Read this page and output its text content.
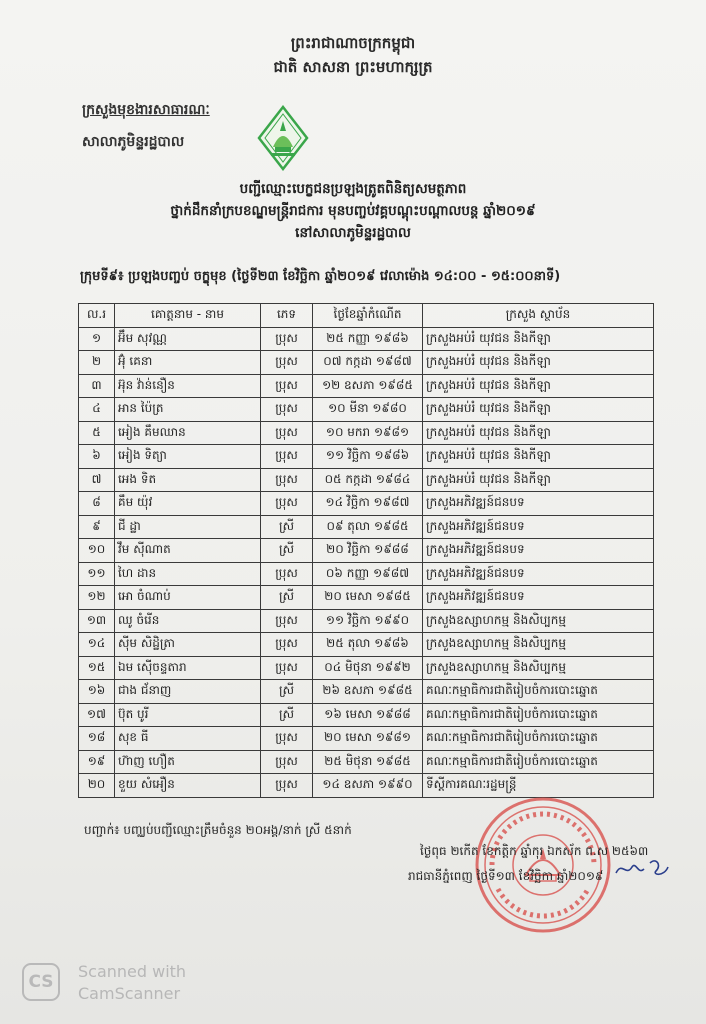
ព្រះរាជាណាចក្រកម្ពុជា
ជាតិ សាសនា ព្រះមហាក្សត្រ
ក្រសួងមុខងារសាធារណៈ
សាលាភូមិន្ទរដ្ឋបាល
បញ្ជីឈ្មោះបេក្ខជនប្រឡងត្រូតពិនិត្យសមត្ថភាព
ថ្នាក់ដឹកនាំក្របខណ្ឌមន្ត្រីរាជការ មុនបញ្ចប់វគ្គបណ្តុះបណ្តាលបន្ត ឆ្នាំ២០១៩
នៅសាលាភូមិន្ទរដ្ឋបាល
ក្រុមទី៩៖ ប្រឡងបញ្ចប់ ចក្ខុមុខ (ថ្ងៃទី២៣ ខែវិច្ឆិកា ឆ្នាំ២០១៩ វេលាម៉ោង ១៤:០០ - ១៥:០០នាទី)
ល.រ	គោត្តនាម - នាម	ភេទ	ថ្ងៃខែឆ្នាំកំណើត	ក្រសួង ស្ថាប័ន
១	អ៊ឹម សុវណ្ណ	ប្រុស	២៥ កញ្ញា ១៩៨៦	ក្រសួងអប់រំ យុវជន និងកីឡា
២	អ៊ុំ គេនា	ប្រុស	០៧ កក្កដា ១៩៨៧	ក្រសួងអប់រំ យុវជន និងកីឡា
៣	អ៊ុន វ៉ាន់នឿន	ប្រុស	១២ ឧសភា ១៩៨៥	ក្រសួងអប់រំ យុវជន និងកីឡា
៤	អាន ប៉ៃត្រ	ប្រុស	១០ មីនា ១៩៨០	ក្រសួងអប់រំ យុវជន និងកីឡា
៥	អៀង គឹមឈាន	ប្រុស	១០ មករា ១៩៨១	ក្រសួងអប់រំ យុវជន និងកីឡា
៦	អៀង ទិត្យា	ប្រុស	១១ វិច្ឆិកា ១៩៨៦	ក្រសួងអប់រំ យុវជន និងកីឡា
៧	អេង ទិត	ប្រុស	០៥ កក្កដា ១៩៨៤	ក្រសួងអប់រំ យុវជន និងកីឡា
៨	គឹម យ៉ុវ	ប្រុស	១៤ វិច្ឆិកា ១៩៨៧	ក្រសួងអភិវឌ្ឍន៍ជនបទ
៩	ជី ដ្ឋា	ស្រី	០៩ តុលា ១៩៨៥	ក្រសួងអភិវឌ្ឍន៍ជនបទ
១០	វឹម ស៊ីណាត	ស្រី	២០ វិច្ឆិកា ១៩៨៨	ក្រសួងអភិវឌ្ឍន៍ជនបទ
១១	ហៃ ដាន	ប្រុស	០៦ កញ្ញា ១៩៨៧	ក្រសួងអភិវឌ្ឍន៍ជនបទ
១២	អោ ចំណាប់	ស្រី	២០ មេសា ១៩៨៥	ក្រសួងអភិវឌ្ឍន៍ជនបទ
១៣	ឈូ ចំរើន	ប្រុស	១១ វិច្ឆិកា ១៩៩០	ក្រសួងឧស្សាហកម្ម និងសិប្បកម្ម
១៤	ស៊ីម សិដ្ឋិត្រា	ប្រុស	២៥ តុលា ១៩៨៦	ក្រសួងឧស្សាហកម្ម និងសិប្បកម្ម
១៥	ឯម ស៊ើចន្ទតារា	ប្រុស	០៤ មិថុនា ១៩៩២	ក្រសួងឧស្សាហកម្ម និងសិប្បកម្ម
១៦	ជាង ជ័នាញ	ស្រី	២៦ ឧសភា ១៩៨៥	គណៈកម្មាធិការជាតិរៀបចំការបោះឆ្នោត
១៧	ប៊ុត បូរី	ស្រី	១៦ មេសា ១៩៨៨	គណៈកម្មាធិការជាតិរៀបចំការបោះឆ្នោត
១៨	សុខ ធី	ប្រុស	២០ មេសា ១៩៨១	គណៈកម្មាធិការជាតិរៀបចំការបោះឆ្នោត
១៩	ហ៊ាញ ហឿត	ប្រុស	២៥ មិថុនា ១៩៨៥	គណៈកម្មាធិការជាតិរៀបចំការបោះឆ្នោត
២០	ខួយ សំអឿន	ប្រុស	១៤ ឧសភា ១៩៩០	ទីស្តីការគណៈរដ្ឋមន្ត្រី
បញ្ជាក់៖ បញ្ឈប់បញ្ជីឈ្មោះត្រឹមចំនួន ២០អង្គ/នាក់ ស្រី ៥នាក់
ថ្ងៃពុធ ២កើត ខែកត្តិក ឆ្នាំកុរ ឯកស័ក ព.ស ២៥៦៣
រាជធានីភ្នំពេញ ថ្ងៃទី១៣ ខែវិច្ឆិកា ឆ្នាំ២០១៩
CS
Scanned with
CamScanner
